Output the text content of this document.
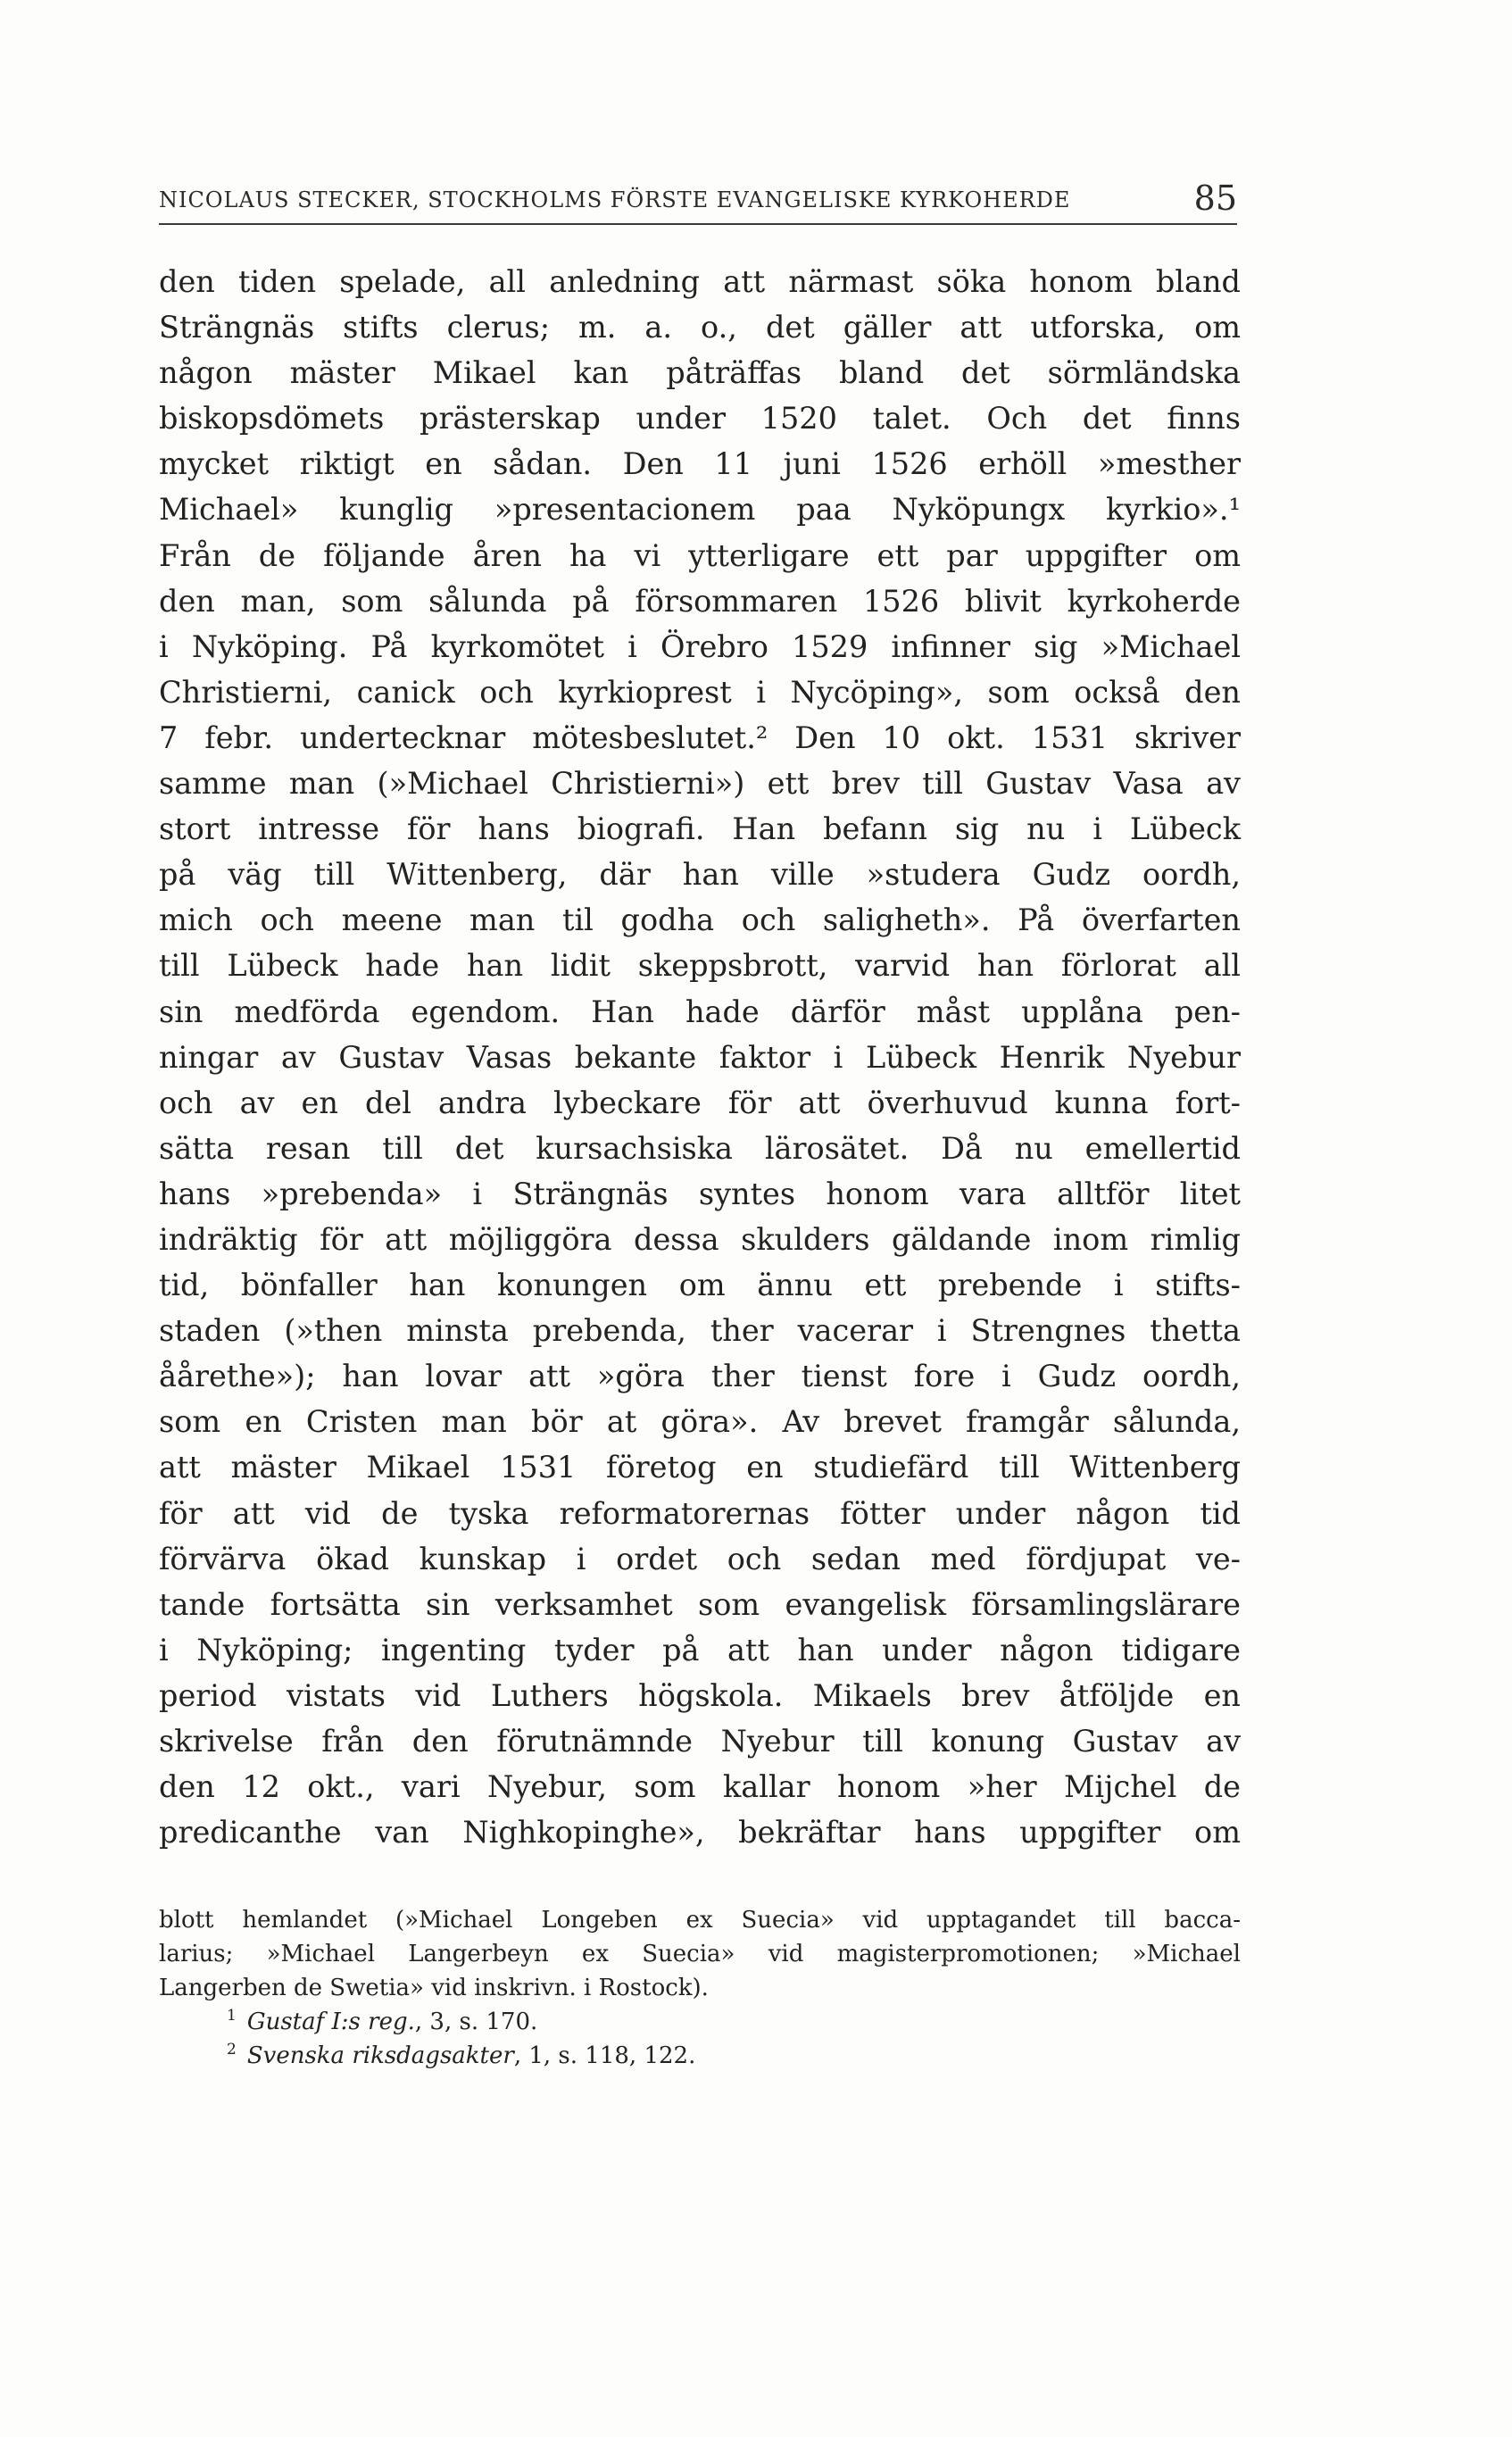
NICOLAUS STECKER, STOCKHOLMS FÖRSTE EVANGELISKE KYRKOHERDE	85
den tiden spelade, all anledning att närmast söka honom bland
Strängnäs stifts clerus; m. a. o., det gäller att utforska, om
någon mäster Mikael kan påträffas bland det sörmländska
biskopsdömets prästerskap under 1520 talet. Och det finns
mycket riktigt en sådan. Den 11 juni 1526 erhöll »mesther
Michael» kunglig »presentacionem paa Nyköpungx kyrkio».¹
Från de följande åren ha vi ytterligare ett par uppgifter om
den man, som sålunda på försommaren 1526 blivit kyrkoherde
i Nyköping. På kyrkomötet i Örebro 1529 infinner sig »Michael
Christierni, canick och kyrkioprest i Nycöping», som också den
7 febr. undertecknar mötesbeslutet.² Den 10 okt. 1531 skriver
samme man (»Michael Christierni») ett brev till Gustav Vasa av
stort intresse för hans biografi. Han befann sig nu i Lübeck
på väg till Wittenberg, där han ville »studera Gudz oordh,
mich och meene man til godha och saligheth». På överfarten
till Lübeck hade han lidit skeppsbrott, varvid han förlorat all
sin medförda egendom. Han hade därför måst upplåna pen-
ningar av Gustav Vasas bekante faktor i Lübeck Henrik Nyebur
och av en del andra lybeckare för att överhuvud kunna fort-
sätta resan till det kursachsiska lärosätet. Då nu emellertid
hans »prebenda» i Strängnäs syntes honom vara alltför litet
indräktig för att möjliggöra dessa skulders gäldande inom rimlig
tid, bönfaller han konungen om ännu ett prebende i stifts-
staden (»then minsta prebenda, ther vacerar i Strengnes thetta
åårethe»); han lovar att »göra ther tienst fore i Gudz oordh,
som en Cristen man bör at göra». Av brevet framgår sålunda,
att mäster Mikael 1531 företog en studiefärd till Wittenberg
för att vid de tyska reformatorernas fötter under någon tid
förvärva ökad kunskap i ordet och sedan med fördjupat ve-
tande fortsätta sin verksamhet som evangelisk församlingslärare
i Nyköping; ingenting tyder på att han under någon tidigare
period vistats vid Luthers högskola. Mikaels brev åtföljde en
skrivelse från den förutnämnde Nyebur till konung Gustav av
den 12 okt., vari Nyebur, som kallar honom »her Mijchel de
predicanthe van Nighkopinghe», bekräftar hans uppgifter om
blott hemlandet (»Michael Longeben ex Suecia» vid upptagandet till bacca-
larius; »Michael Langerbeyn ex Suecia» vid magisterpromotionen; »Michael
Langerben de Swetia» vid inskrivn. i Rostock).
$^1$ Gustaf I:s reg., 3, s. 170.
$^2$ Svenska riksdagsakter, 1, s. 118, 122.
